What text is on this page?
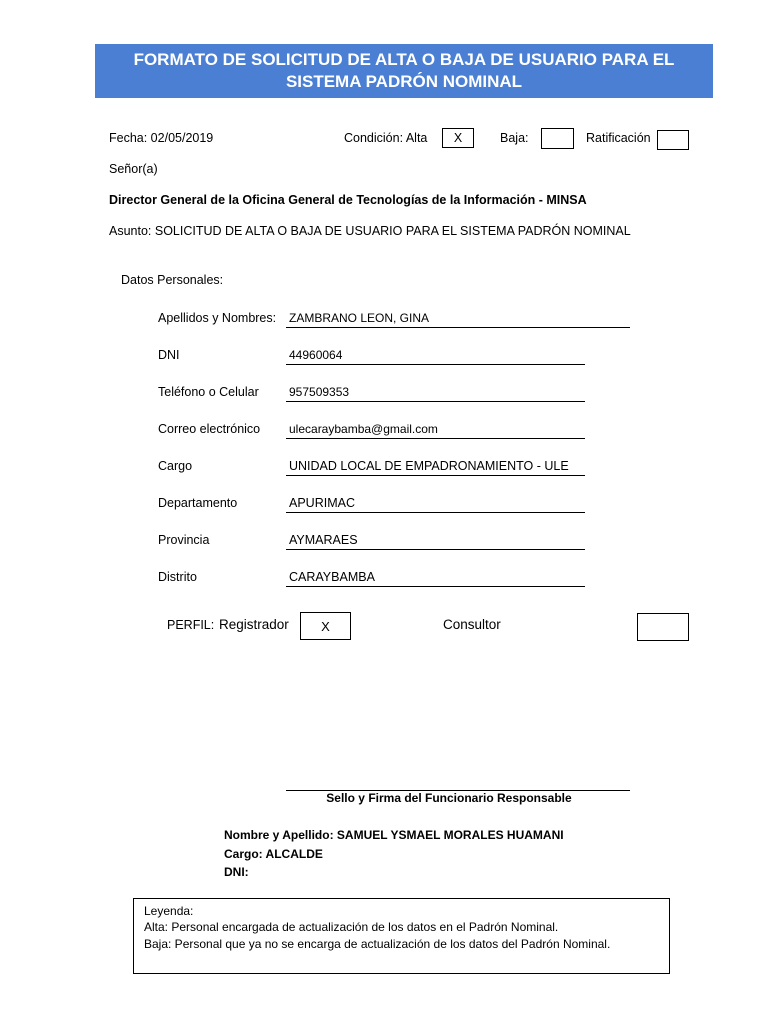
FORMATO DE SOLICITUD DE ALTA O BAJA DE USUARIO PARA EL
SISTEMA PADRÓN NOMINAL
Fecha: 02/05/2019	Condición: Alta	X	Baja:	Ratificación
Señor(a)
Director General de la Oficina General de Tecnologías de la Información - MINSA
Asunto: SOLICITUD DE ALTA O BAJA DE USUARIO PARA EL SISTEMA PADRÓN NOMINAL
Datos Personales:
Apellidos y Nombres: ZAMBRANO LEON, GINA
DNI	44960064
Teléfono o Celular	957509353
Correo electrónico ulecaraybamba@gmail.com
Cargo	UNIDAD LOCAL DE EMPADRONAMIENTO - ULE
Departamento	APURIMAC
Provincia	AYMARAES
Distrito	CARAYBAMBA
PERFIL: Registrador	X	Consultor
Sello y Firma del Funcionario Responsable
Nombre y Apellido: SAMUEL YSMAEL MORALES HUAMANI
Cargo: ALCALDE
DNI:
Leyenda:
Alta: Personal encargada de actualización de los datos en el Padrón Nominal.
Baja: Personal que ya no se encarga de actualización de los datos del Padrón Nominal.
